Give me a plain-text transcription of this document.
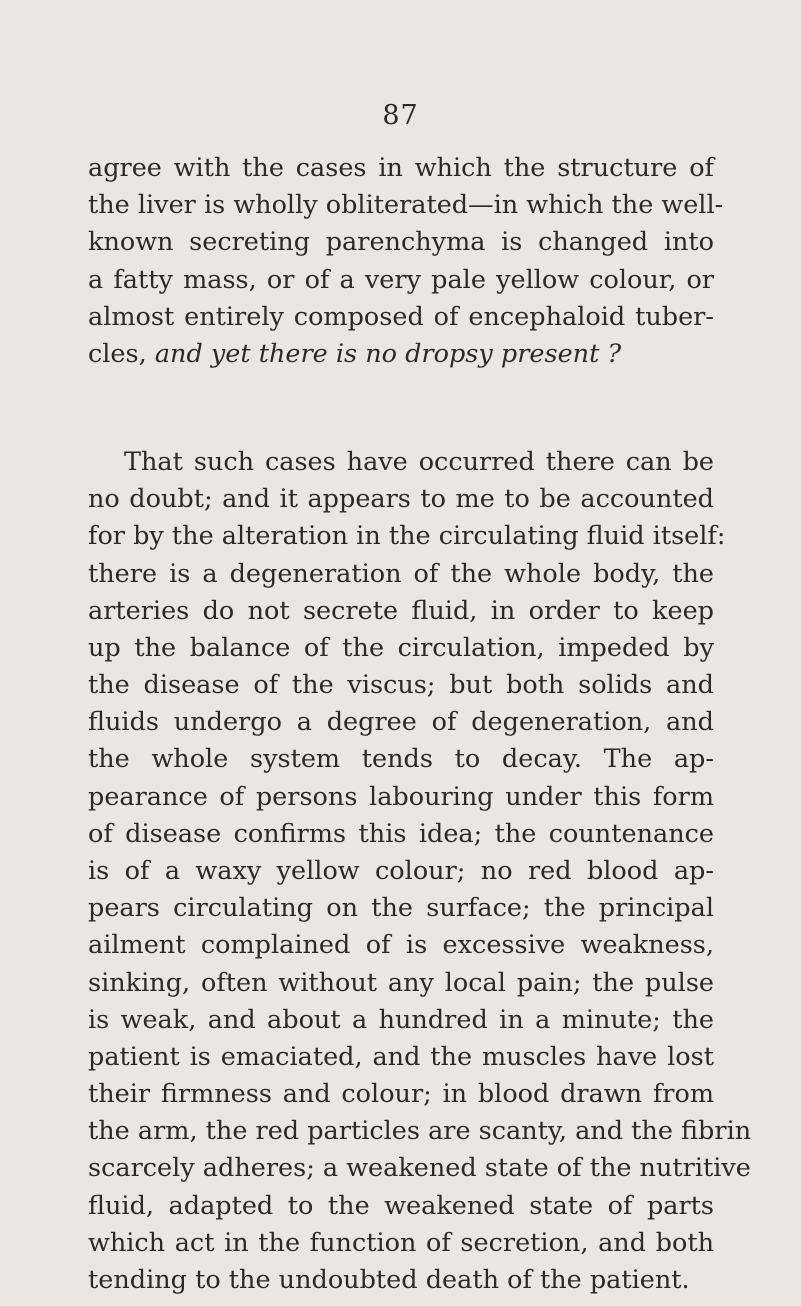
87
agree with the cases in which the structure of
the liver is wholly obliterated—in which the well-
known secreting parenchyma is changed into
a fatty mass, or of a very pale yellow colour, or
almost entirely composed of encephaloid tuber-
cles, and yet there is no dropsy present ?
That such cases have occurred there can be
no doubt; and it appears to me to be accounted
for by the alteration in the circulating fluid itself:
there is a degeneration of the whole body, the
arteries do not secrete fluid, in order to keep
up the balance of the circulation, impeded by
the disease of the viscus; but both solids and
fluids undergo a degree of degeneration, and
the whole system tends to decay. The ap-
pearance of persons labouring under this form
of disease confirms this idea; the countenance
is of a waxy yellow colour; no red blood ap-
pears circulating on the surface; the principal
ailment complained of is excessive weakness,
sinking, often without any local pain; the pulse
is weak, and about a hundred in a minute; the
patient is emaciated, and the muscles have lost
their firmness and colour; in blood drawn from
the arm, the red particles are scanty, and the fibrin
scarcely adheres; a weakened state of the nutritive
fluid, adapted to the weakened state of parts
which act in the function of secretion, and both
tending to the undoubted death of the patient.
